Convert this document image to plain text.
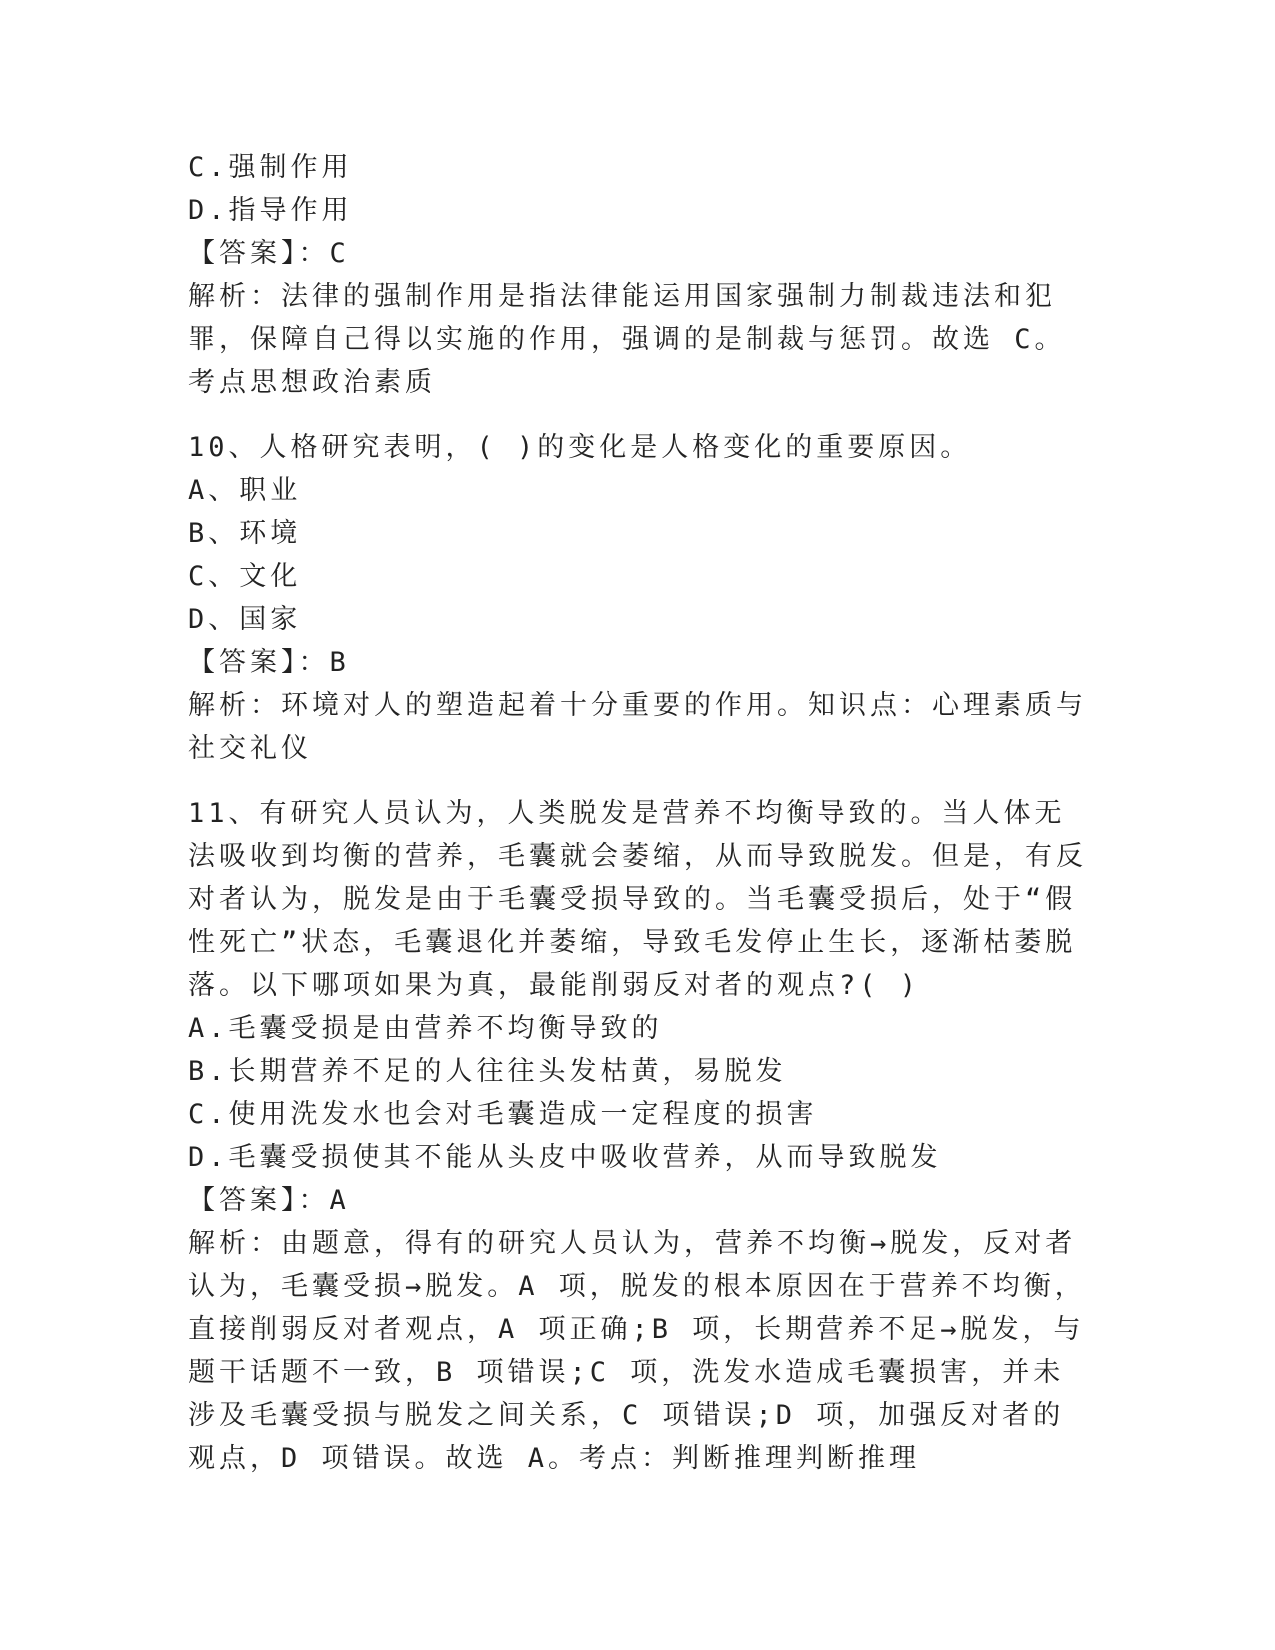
C.强制作用
D.指导作用
【答案】：C

解析：法律的强制作用是指法律能运用国家强制力制裁违法和犯罪，保障自己得以实施的作用，强调的是制裁与惩罚。故选 C。考点思想政治素质

10、人格研究表明，( )的变化是人格变化的重要原因。

A、职业
B、环境
C、文化
D、国家
【答案】：B

解析：环境对人的塑造起着十分重要的作用。知识点：心理素质与社交礼仪

11、有研究人员认为，人类脱发是营养不均衡导致的。当人体无法吸收到均衡的营养，毛囊就会萎缩，从而导致脱发。但是，有反对者认为，脱发是由于毛囊受损导致的。当毛囊受损后，处于“假性死亡”状态，毛囊退化并萎缩，导致毛发停止生长，逐渐枯萎脱落。以下哪项如果为真，最能削弱反对者的观点?( )

A.毛囊受损是由营养不均衡导致的
B.长期营养不足的人往往头发枯黄，易脱发
C.使用洗发水也会对毛囊造成一定程度的损害
D.毛囊受损使其不能从头皮中吸收营养，从而导致脱发
【答案】：A

解析：由题意，得有的研究人员认为，营养不均衡→脱发，反对者认为，毛囊受损→脱发。A 项，脱发的根本原因在于营养不均衡，直接削弱反对者观点，A 项正确;B 项，长期营养不足→脱发，与题干话题不一致，B 项错误;C 项，洗发水造成毛囊损害，并未涉及毛囊受损与脱发之间关系，C 项错误;D 项，加强反对者的观点，D 项错误。故选 A。考点：判断推理判断推理
